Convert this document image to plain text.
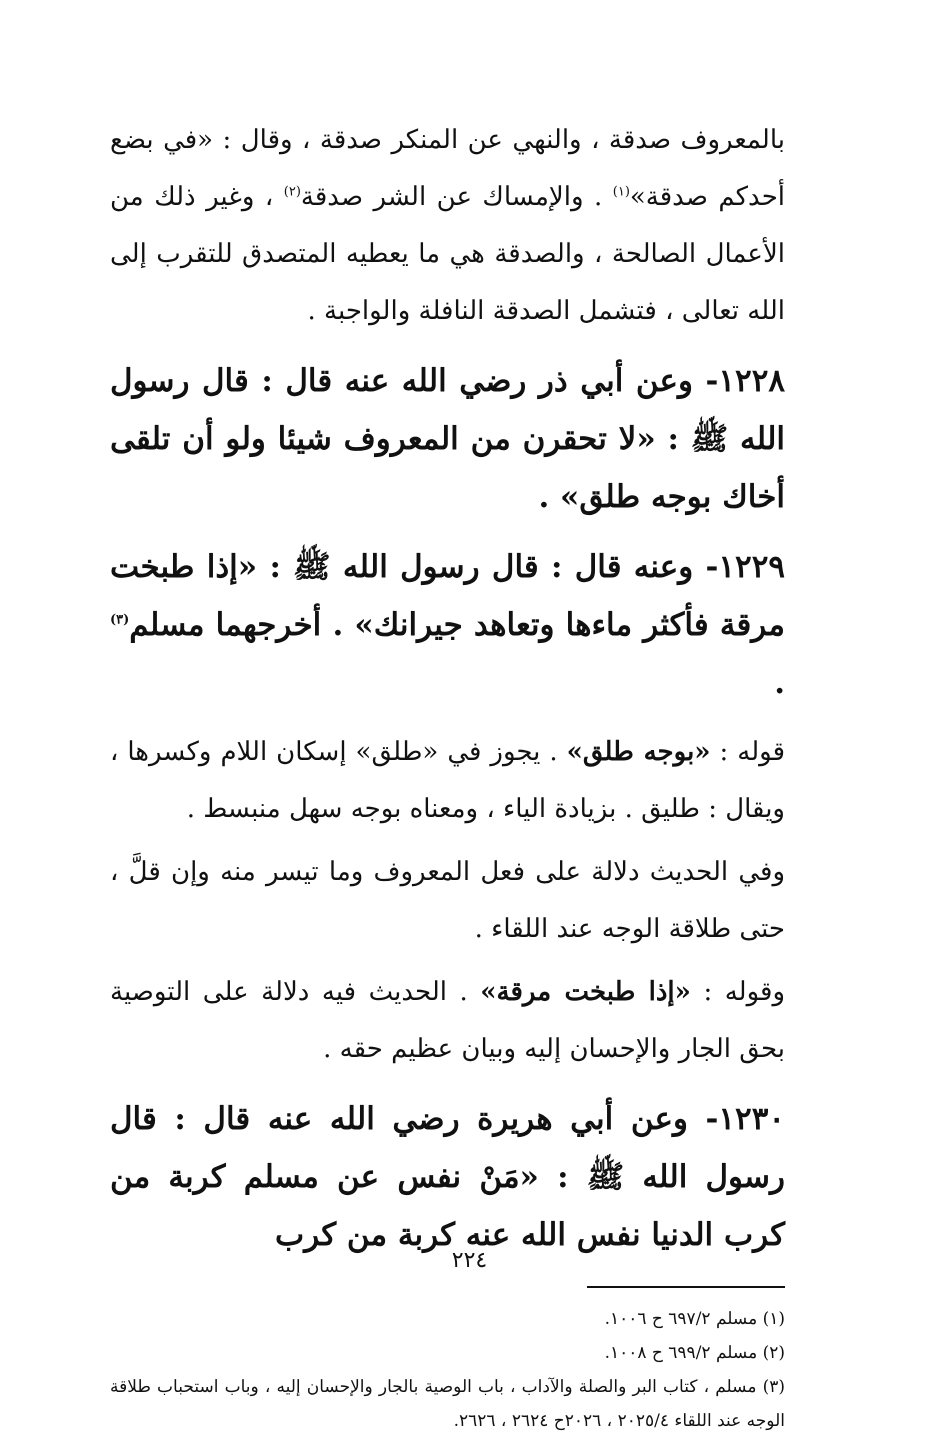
بالمعروف صدقة ، والنهي عن المنكر صدقة ، وقال : «في بضع أحدكم صدقة»$^{(١)}$ . والإمساك عن الشر صدقة$^{(٢)}$ ، وغير ذلك من الأعمال الصالحة ، والصدقة هي ما يعطيه المتصدق للتقرب إلى الله تعالى ، فتشمل الصدقة النافلة والواجبة .

١٢٢٨- وعن أبي ذر رضي الله عنه قال : قال رسول الله ﷺ : «لا تحقرن من المعروف شيئا ولو أن تلقى أخاك بوجه طلق» .

١٢٢٩- وعنه قال : قال رسول الله ﷺ : «إذا طبخت مرقة فأكثر ماءها وتعاهد جيرانك» . أخرجهما مسلم$^{(٣)}$ .

قوله : «بوجه طلق» . يجوز في «طلق» إسكان اللام وكسرها ، ويقال : طليق . بزيادة الياء ، ومعناه بوجه سهل منبسط .

وفي الحديث دلالة على فعل المعروف وما تيسر منه وإن قلَّ ، حتى طلاقة الوجه عند اللقاء .

وقوله : «إذا طبخت مرقة» . الحديث فيه دلالة على التوصية بحق الجار والإحسان إليه وبيان عظيم حقه .

١٢٣٠- وعن أبي هريرة رضي الله عنه قال : قال رسول الله ﷺ : «مَنْ نفس عن مسلم كربة من كرب الدنيا نفس الله عنه كربة من كرب

(١) مسلم ٦٩٧/٢ ح ١٠٠٦.

(٢) مسلم ٦٩٩/٢ ح ١٠٠٨.

(٣) مسلم ، كتاب البر والصلة والآداب ، باب الوصية بالجار والإحسان إليه ، وباب استحباب طلاقة الوجه عند اللقاء ٢٠٢٥/٤ ، ٢٠٢٦ح ٢٦٢٤ ، ٢٦٢٦.

٢٢٤
